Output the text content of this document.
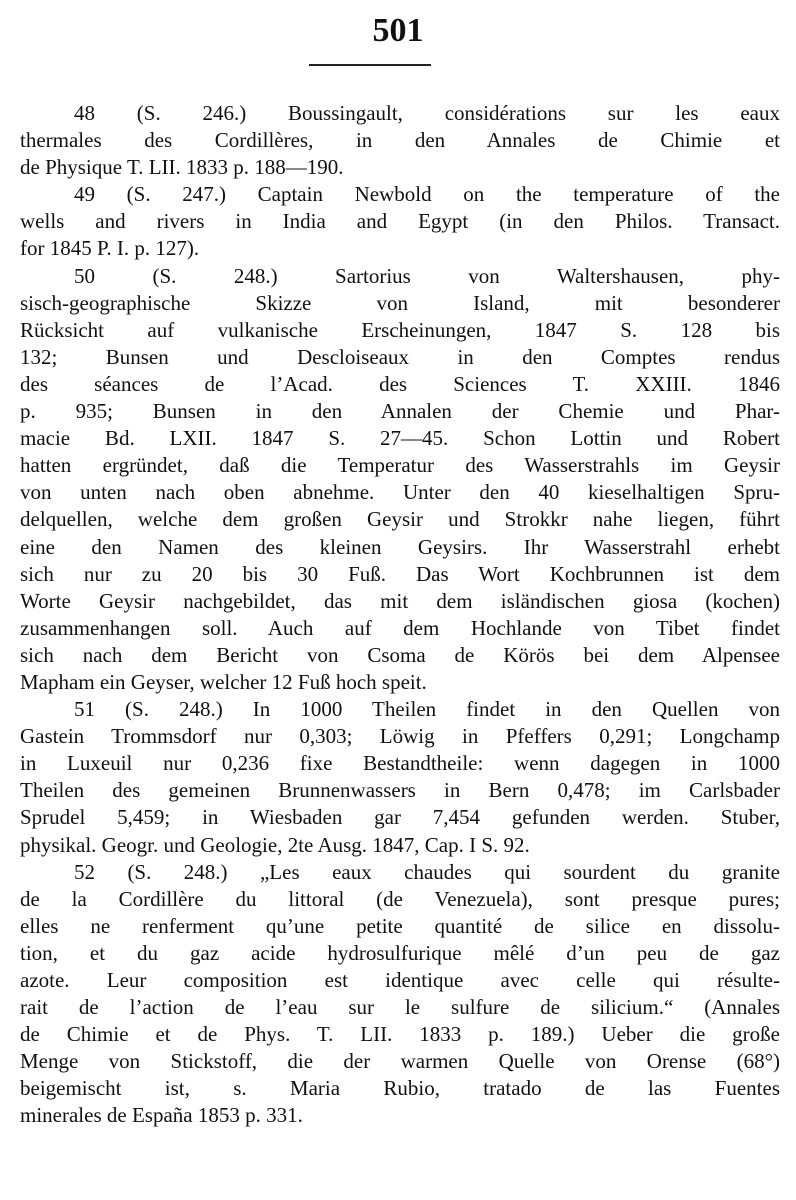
501
48 (S. 246.) Boussingault, considérations sur les eaux
thermales des Cordillères, in den Annales de Chimie et
de Physique T. LII. 1833 p. 188—190.
49 (S. 247.) Captain Newbold on the temperature of the
wells and rivers in India and Egypt (in den Philos. Transact.
for 1845 P. I. p. 127).
50 (S. 248.) Sartorius von Waltershausen, phy-
sisch-geographische Skizze von Island, mit besonderer
Rücksicht auf vulkanische Erscheinungen, 1847 S. 128 bis
132; Bunsen und Descloiseaux in den Comptes rendus
des séances de l’Acad. des Sciences T. XXIII. 1846
p. 935; Bunsen in den Annalen der Chemie und Phar-
macie Bd. LXII. 1847 S. 27—45. Schon Lottin und Robert
hatten ergründet, daß die Temperatur des Wasserstrahls im Geysir
von unten nach oben abnehme. Unter den 40 kieselhaltigen Spru-
delquellen, welche dem großen Geysir und Strokkr nahe liegen, führt
eine den Namen des kleinen Geysirs. Ihr Wasserstrahl erhebt
sich nur zu 20 bis 30 Fuß. Das Wort Kochbrunnen ist dem
Worte Geysir nachgebildet, das mit dem isländischen giosa (kochen)
zusammenhangen soll. Auch auf dem Hochlande von Tibet findet
sich nach dem Bericht von Csoma de Körös bei dem Alpensee
Mapham ein Geyser, welcher 12 Fuß hoch speit.
51 (S. 248.) In 1000 Theilen findet in den Quellen von
Gastein Trommsdorf nur 0,303; Löwig in Pfeffers 0,291; Longchamp
in Luxeuil nur 0,236 fixe Bestandtheile: wenn dagegen in 1000
Theilen des gemeinen Brunnenwassers in Bern 0,478; im Carlsbader
Sprudel 5,459; in Wiesbaden gar 7,454 gefunden werden. Stuber,
physikal. Geogr. und Geologie, 2te Ausg. 1847, Cap. I S. 92.
52 (S. 248.) „Les eaux chaudes qui sourdent du granite
de la Cordillère du littoral (de Venezuela), sont presque pures;
elles ne renferment qu’une petite quantité de silice en dissolu-
tion, et du gaz acide hydrosulfurique mêlé d’un peu de gaz
azote. Leur composition est identique avec celle qui résulte-
rait de l’action de l’eau sur le sulfure de silicium.“ (Annales
de Chimie et de Phys. T. LII. 1833 p. 189.) Ueber die große
Menge von Stickstoff, die der warmen Quelle von Orense (68°)
beigemischt ist, s. Maria Rubio, tratado de las Fuentes
minerales de España 1853 p. 331.
